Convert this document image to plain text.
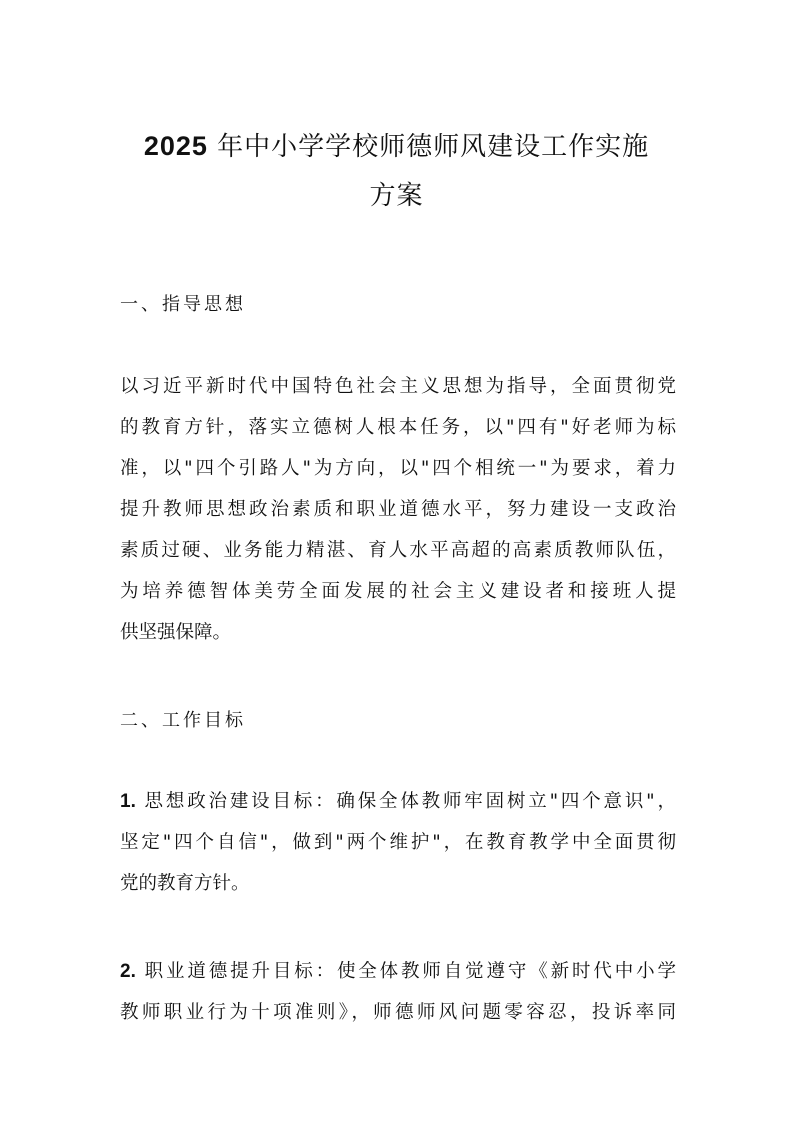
2025 年中小学学校师德师风建设工作实施
方案
一、指导思想
以习近平新时代中国特色社会主义思想为指导，全面贯彻党
的教育方针，落实立德树人根本任务，以"四有"好老师为标
准，以"四个引路人"为方向，以"四个相统一"为要求，着力
提升教师思想政治素质和职业道德水平，努力建设一支政治
素质过硬、业务能力精湛、育人水平高超的高素质教师队伍，
为培养德智体美劳全面发展的社会主义建设者和接班人提
供坚强保障。
二、工作目标
1. 思想政治建设目标：确保全体教师牢固树立"四个意识"，
坚定"四个自信"，做到"两个维护"，在教育教学中全面贯彻
党的教育方针。
2. 职业道德提升目标：使全体教师自觉遵守《新时代中小学
教师职业行为十项准则》，师德师风问题零容忍，投诉率同
